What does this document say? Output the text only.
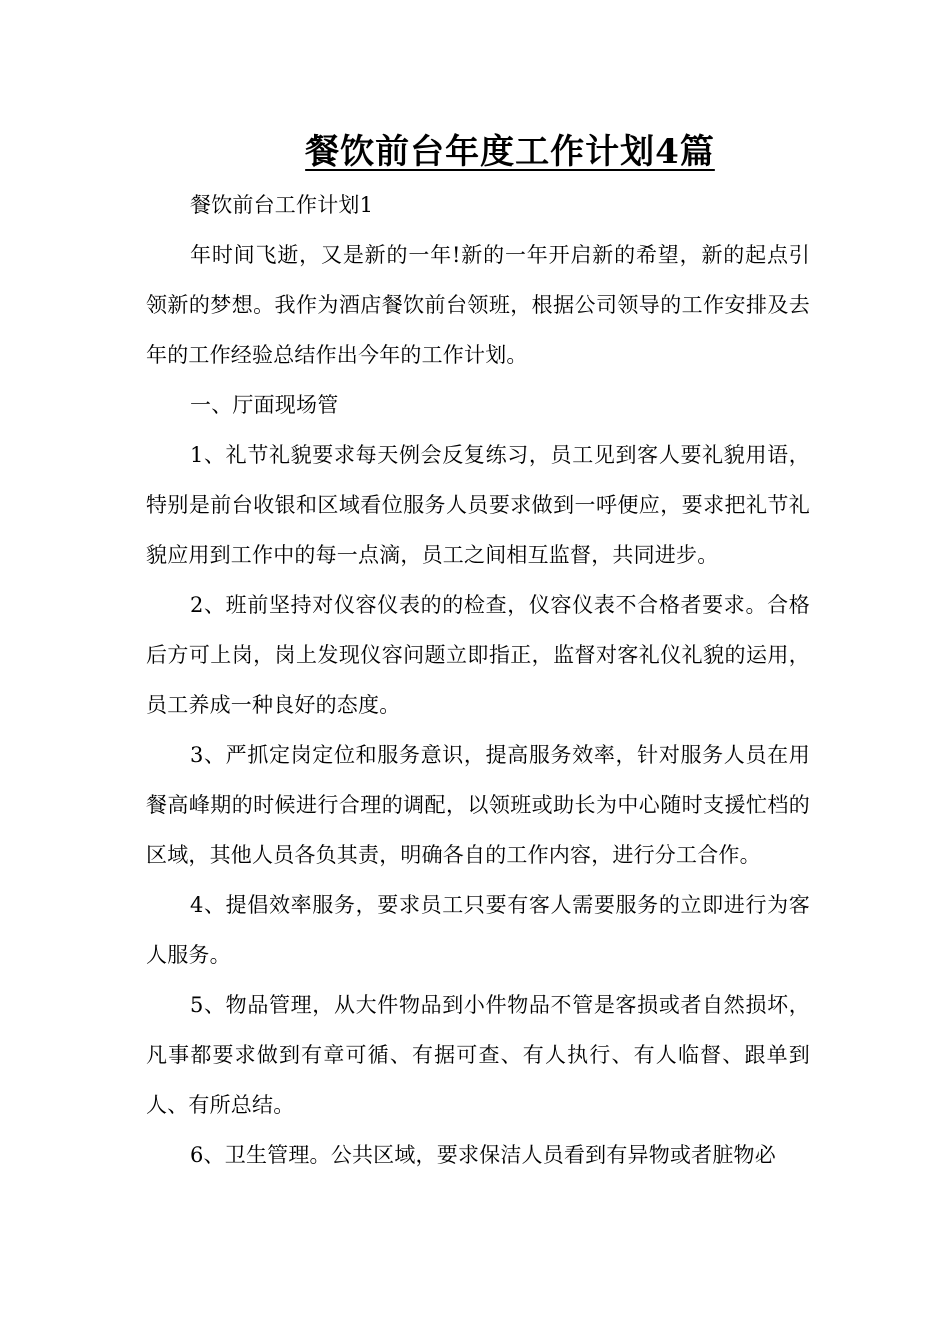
餐饮前台年度工作计划4篇

餐饮前台工作计划1

年时间飞逝，又是新的一年!新的一年开启新的希望，新的起点引领新的梦想。我作为酒店餐饮前台领班，根据公司领导的工作安排及去年的工作经验总结作出今年的工作计划。

一、厅面现场管

1、礼节礼貌要求每天例会反复练习，员工见到客人要礼貌用语，特别是前台收银和区域看位服务人员要求做到一呼便应，要求把礼节礼貌应用到工作中的每一点滴，员工之间相互监督，共同进步。

2、班前坚持对仪容仪表的的检查，仪容仪表不合格者要求。合格后方可上岗，岗上发现仪容问题立即指正，监督对客礼仪礼貌的运用，员工养成一种良好的态度。

3、严抓定岗定位和服务意识，提高服务效率，针对服务人员在用餐高峰期的时候进行合理的调配，以领班或助长为中心随时支援忙档的区域，其他人员各负其责，明确各自的工作内容，进行分工合作。

4、提倡效率服务，要求员工只要有客人需要服务的立即进行为客人服务。

5、物品管理，从大件物品到小件物品不管是客损或者自然损坏，凡事都要求做到有章可循、有据可查、有人执行、有人临督、跟单到人、有所总结。

6、卫生管理。公共区域，要求保洁人员看到有异物或者脏物必
